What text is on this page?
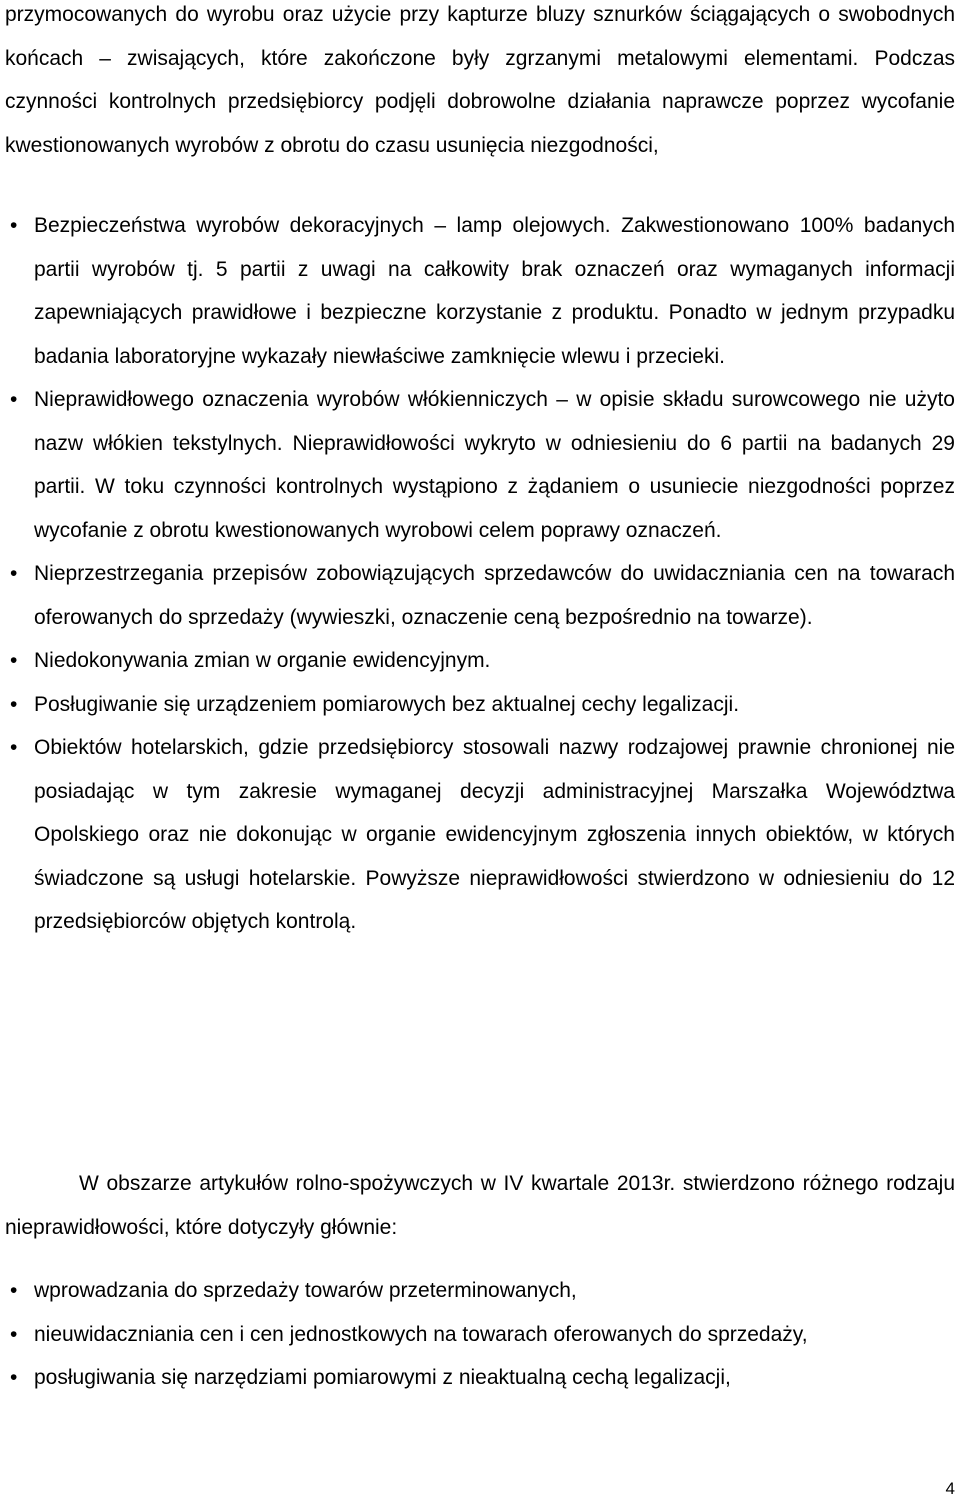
przymocowanych do wyrobu oraz użycie przy kapturze bluzy sznurków ściągających o swobodnych końcach – zwisających, które zakończone były zgrzanymi metalowymi elementami. Podczas czynności kontrolnych przedsiębiorcy podjęli dobrowolne działania naprawcze poprzez wycofanie kwestionowanych wyrobów z obrotu do czasu usunięcia niezgodności,

• Bezpieczeństwa wyrobów dekoracyjnych – lamp olejowych. Zakwestionowano 100% badanych partii wyrobów tj. 5 partii z uwagi na całkowity brak oznaczeń oraz wymaganych informacji zapewniających prawidłowe i bezpieczne korzystanie z produktu. Ponadto w jednym przypadku badania laboratoryjne wykazały niewłaściwe zamknięcie wlewu i przecieki.
• Nieprawidłowego oznaczenia wyrobów włókienniczych – w opisie składu surowcowego nie użyto nazw włókien tekstylnych. Nieprawidłowości wykryto w odniesieniu do 6 partii na badanych 29 partii. W toku czynności kontrolnych wystąpiono z żądaniem o usuniecie niezgodności poprzez wycofanie z obrotu kwestionowanych wyrobowi celem poprawy oznaczeń.
• Nieprzestrzegania przepisów zobowiązujących sprzedawców do uwidaczniania cen na towarach oferowanych do sprzedaży (wywieszki, oznaczenie ceną bezpośrednio na towarze).
• Niedokonywania zmian w organie ewidencyjnym.
• Posługiwanie się urządzeniem pomiarowych bez aktualnej cechy legalizacji.
• Obiektów hotelarskich, gdzie przedsiębiorcy stosowali nazwy rodzajowej prawnie chronionej nie posiadając w tym zakresie wymaganej decyzji administracyjnej Marszałka Województwa Opolskiego oraz nie dokonując w organie ewidencyjnym zgłoszenia innych obiektów, w których świadczone są usługi hotelarskie. Powyższe nieprawidłowości stwierdzono w odniesieniu do 12 przedsiębiorców objętych kontrolą.

W obszarze artykułów rolno-spożywczych w IV kwartale 2013r. stwierdzono różnego rodzaju nieprawidłowości, które dotyczyły głównie:

• wprowadzania do sprzedaży towarów przeterminowanych,
• nieuwidaczniania cen i cen jednostkowych na towarach oferowanych do sprzedaży,
• posługiwania się narzędziami pomiarowymi z nieaktualną cechą legalizacji,
4
